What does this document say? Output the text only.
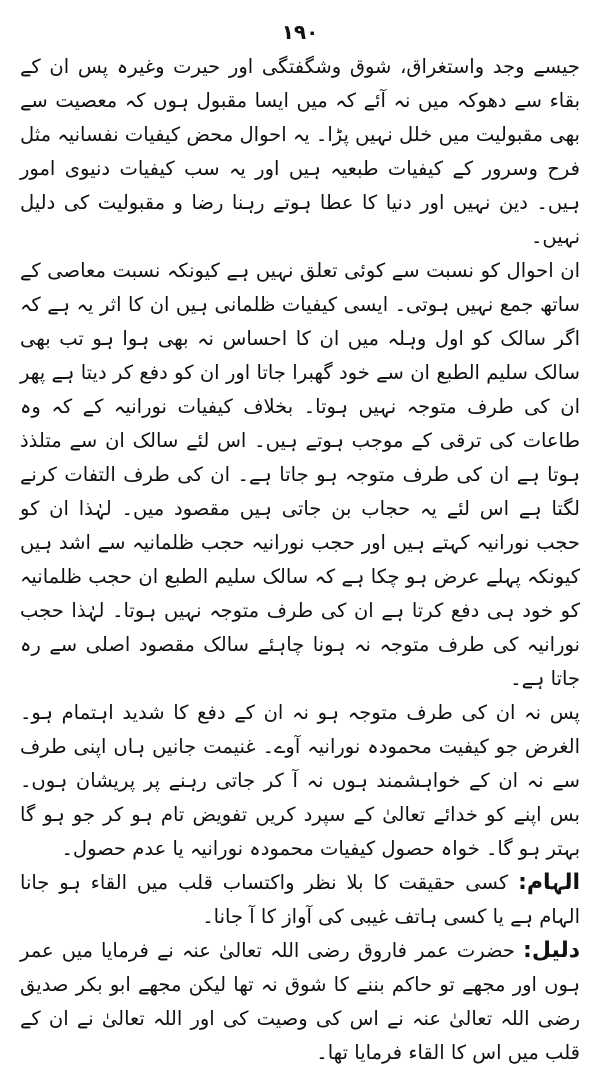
۱۹۰

جیسے وجد واستغراق، شوق وشگفتگی اور حیرت وغیرہ پس ان کے بقاء سے دھوکہ میں نہ آئے کہ میں ایسا مقبول ہوں کہ معصیت سے بھی مقبولیت میں خلل نہیں پڑا۔ یہ احوال محض کیفیات نفسانیہ مثل فرح وسرور کے کیفیات طبعیہ ہیں اور یہ سب کیفیات دنیوی امور ہیں۔ دین نہیں اور دنیا کا عطا ہوتے رہنا رضا و مقبولیت کی دلیل نہیں۔

ان احوال کو نسبت سے کوئی تعلق نہیں ہے کیونکہ نسبت معاصی کے ساتھ جمع نہیں ہوتی۔ ایسی کیفیات ظلمانی ہیں ان کا اثر یہ ہے کہ اگر سالک کو اول وہلہ میں ان کا احساس نہ بھی ہوا ہو تب بھی سالک سلیم الطبع ان سے خود گھبرا جاتا اور ان کو دفع کر دیتا ہے پھر ان کی طرف متوجہ نہیں ہوتا۔ بخلاف کیفیات نورانیہ کے کہ وہ طاعات کی ترقی کے موجب ہوتے ہیں۔ اس لئے سالک ان سے متلذذ ہوتا ہے ان کی طرف متوجہ ہو جاتا ہے۔ ان کی طرف التفات کرنے لگتا ہے اس لئے یہ حجاب بن جاتی ہیں مقصود میں۔ لہٰذا ان کو حجب نورانیہ کہتے ہیں اور حجب نورانیہ حجب ظلمانیہ سے اشد ہیں کیونکہ پہلے عرض ہو چکا ہے کہ سالک سلیم الطبع ان حجب ظلمانیہ کو خود ہی دفع کرتا ہے ان کی طرف متوجہ نہیں ہوتا۔ لہٰذا حجب نورانیہ کی طرف متوجہ نہ ہونا چاہئے سالک مقصود اصلی سے رہ جاتا ہے۔

پس نہ ان کی طرف متوجہ ہو نہ ان کے دفع کا شدید اہتمام ہو۔ الغرض جو کیفیت محمودہ نورانیہ آوے۔ غنیمت جانیں ہاں اپنی طرف سے نہ ان کے خواہشمند ہوں نہ آ کر جاتی رہنے پر پریشان ہوں۔ بس اپنے کو خدائے تعالیٰ کے سپرد کریں تفویض تام ہو کر جو ہو گا بہتر ہو گا۔ خواہ حصول کیفیات محمودہ نورانیہ یا عدم حصول۔

الہام: کسی حقیقت کا بلا نظر واکتساب قلب میں القاء ہو جانا الہام ہے یا کسی ہاتف غیبی کی آواز کا آ جانا۔

دلیل: حضرت عمر فاروق رضی اللہ تعالیٰ عنہ نے فرمایا میں عمر ہوں اور مجھے تو حاکم بننے کا شوق نہ تھا لیکن مجھے ابو بکر صدیق رضی اللہ تعالیٰ عنہ نے اس کی وصیت کی اور اللہ تعالیٰ نے ان کے قلب میں اس کا القاء فرمایا تھا۔
